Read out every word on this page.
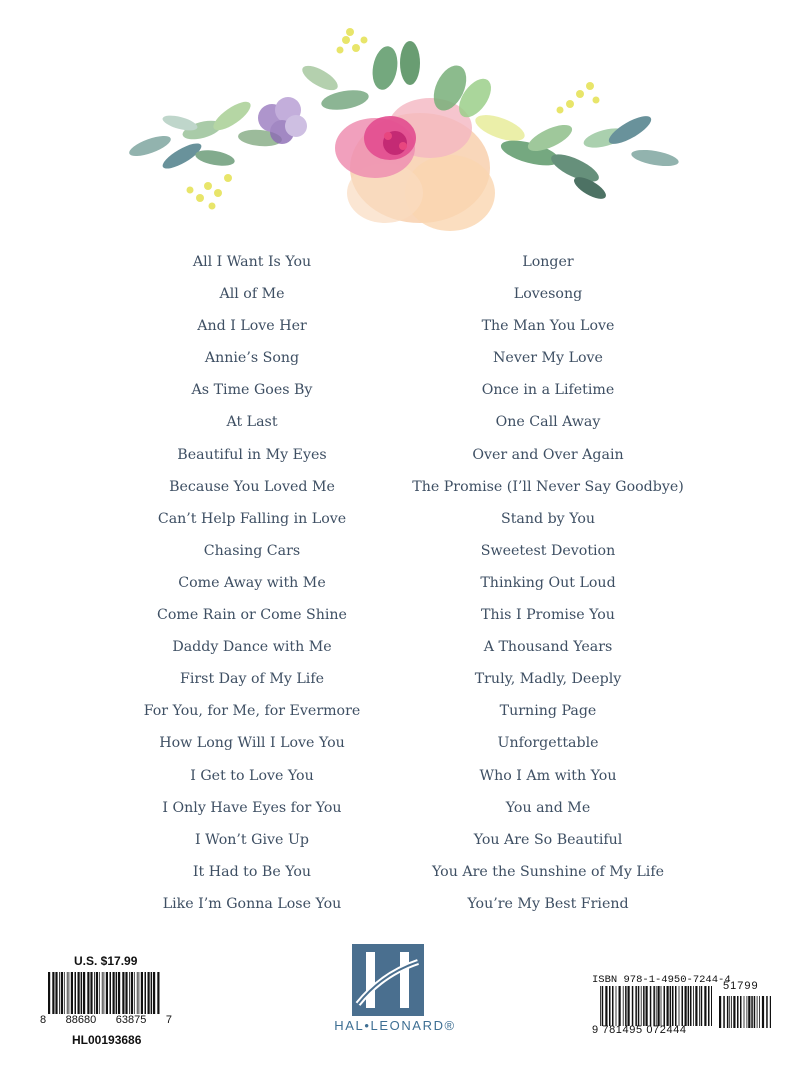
All I Want Is You
All of Me
And I Love Her
Annie’s Song
As Time Goes By
At Last
Beautiful in My Eyes
Because You Loved Me
Can’t Help Falling in Love
Chasing Cars
Come Away with Me
Come Rain or Come Shine
Daddy Dance with Me
First Day of My Life
For You, for Me, for Evermore
How Long Will I Love You
I Get to Love You
I Only Have Eyes for You
I Won’t Give Up
It Had to Be You
Like I’m Gonna Lose You
Longer
Lovesong
The Man You Love
Never My Love
Once in a Lifetime
One Call Away
Over and Over Again
The Promise (I’ll Never Say Goodbye)
Stand by You
Sweetest Devotion
Thinking Out Loud
This I Promise You
A Thousand Years
Truly, Madly, Deeply
Turning Page
Unforgettable
Who I Am with You
You and Me
You Are So Beautiful
You Are the Sunshine of My Life
You’re My Best Friend
U.S. $17.99
8 88680 63875 7
HL00193686
HAL•LEONARD®
ISBN 978-1-4950-7244-4
51799
9 781495 072444
